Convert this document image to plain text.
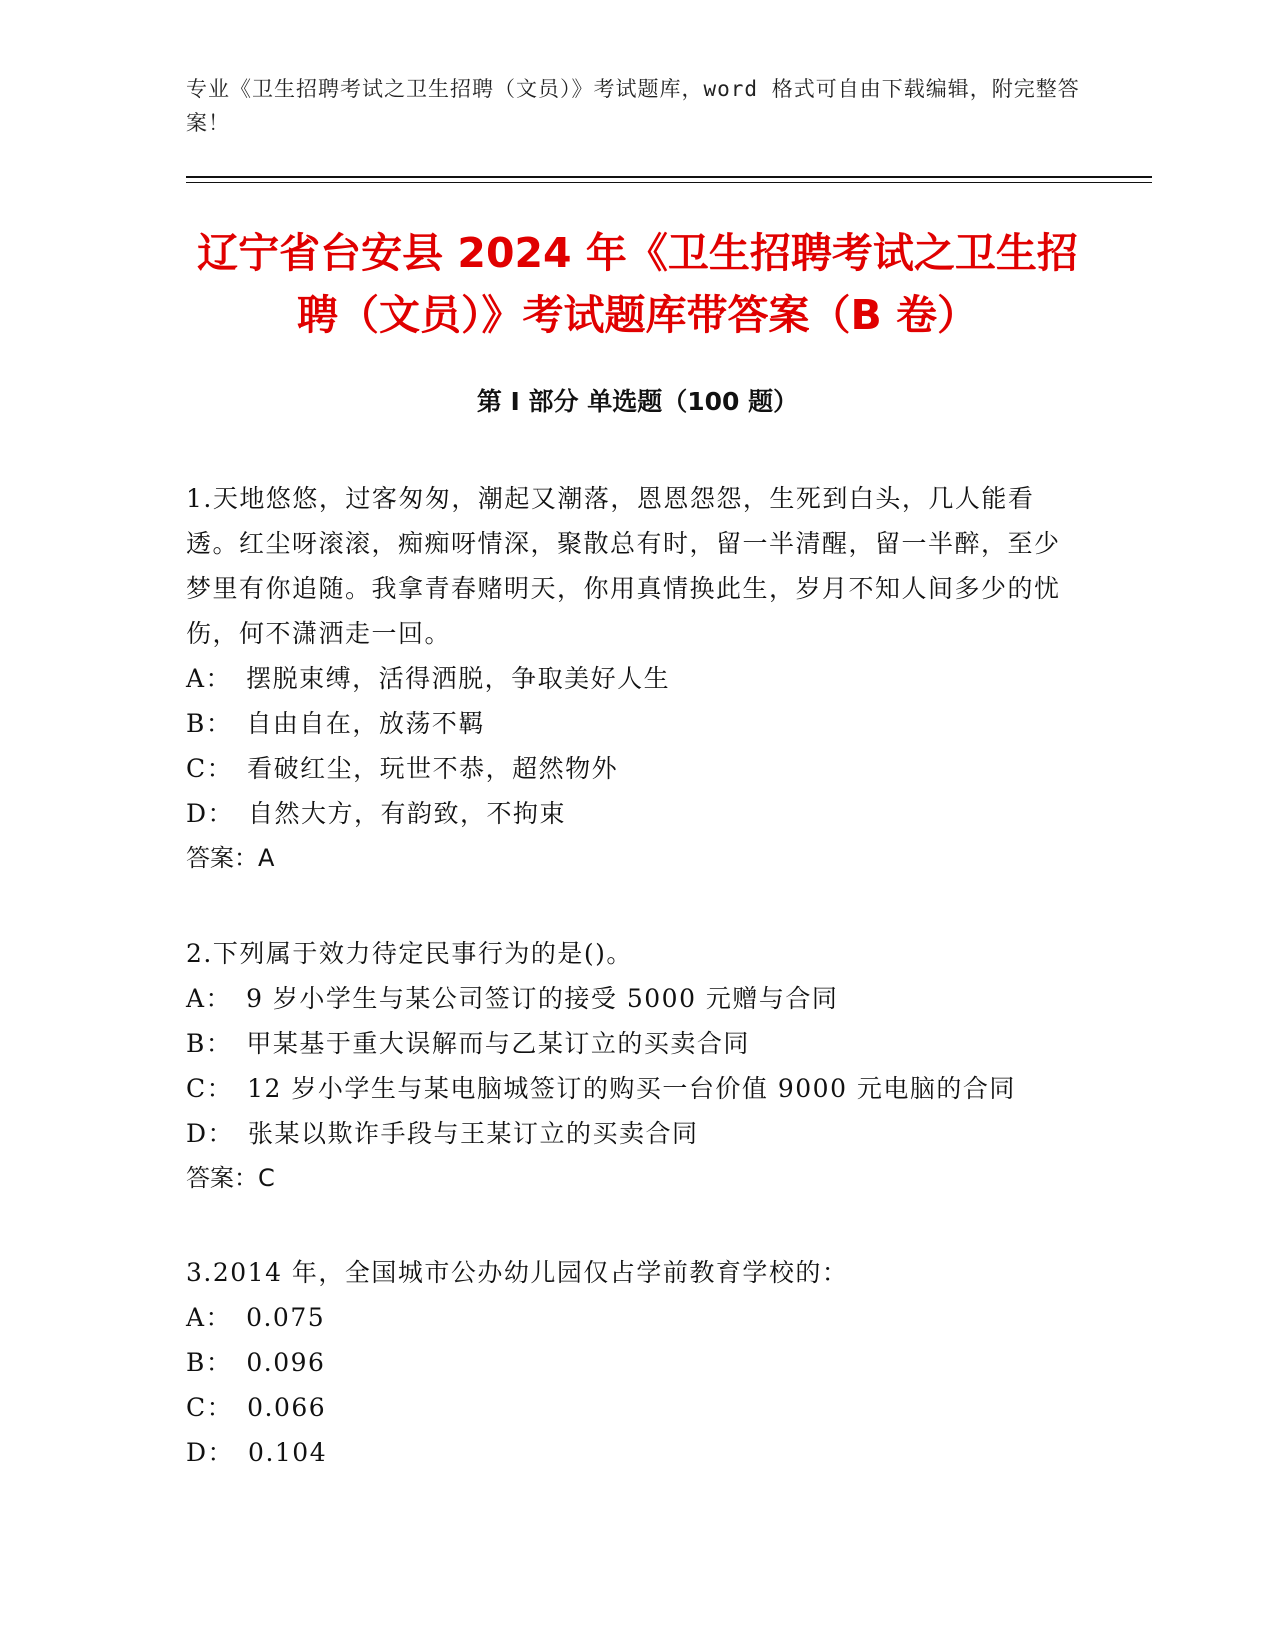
专业《卫生招聘考试之卫生招聘（文员）》考试题库，word 格式可自由下载编辑，附完整答案！
辽宁省台安县 2024 年《卫生招聘考试之卫生招聘（文员）》考试题库带答案（B 卷）
第 I 部分 单选题（100 题）

1.天地悠悠，过客匆匆，潮起又潮落，恩恩怨怨，生死到白头，几人能看透。红尘呀滚滚，痴痴呀情深，聚散总有时，留一半清醒，留一半醉，至少梦里有你追随。我拿青春赌明天，你用真情换此生，岁月不知人间多少的忧伤，何不潇洒走一回。

A： 摆脱束缚，活得洒脱，争取美好人生

B： 自由自在，放荡不羁

C： 看破红尘，玩世不恭，超然物外

D： 自然大方，有韵致，不拘束

答案：A

2.下列属于效力待定民事行为的是()。

A： 9 岁小学生与某公司签订的接受 5000 元赠与合同

B： 甲某基于重大误解而与乙某订立的买卖合同

C： 12 岁小学生与某电脑城签订的购买一台价值 9000 元电脑的合同

D： 张某以欺诈手段与王某订立的买卖合同

答案：C

3.2014 年，全国城市公办幼儿园仅占学前教育学校的：

A： 0.075

B： 0.096

C： 0.066

D： 0.104
